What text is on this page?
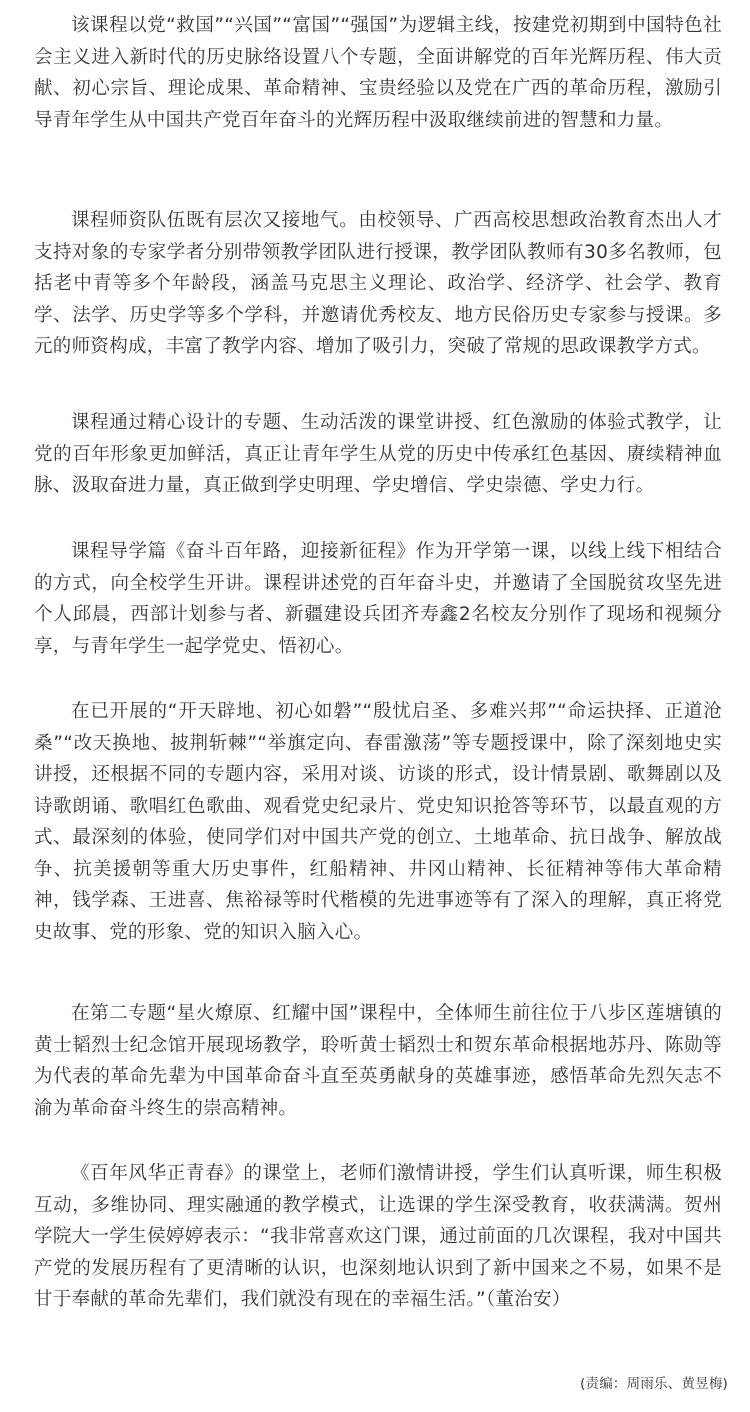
该课程以党“救国”“兴国”“富国”“强国”为逻辑主线，按建党初期到中国特色社会主义进入新时代的历史脉络设置八个专题，全面讲解党的百年光辉历程、伟大贡献、初心宗旨、理论成果、革命精神、宝贵经验以及党在广西的革命历程，激励引导青年学生从中国共产党百年奋斗的光辉历程中汲取继续前进的智慧和力量。

课程师资队伍既有层次又接地气。由校领导、广西高校思想政治教育杰出人才支持对象的专家学者分别带领教学团队进行授课，教学团队教师有30多名教师，包括老中青等多个年龄段，涵盖马克思主义理论、政治学、经济学、社会学、教育学、法学、历史学等多个学科，并邀请优秀校友、地方民俗历史专家参与授课。多元的师资构成，丰富了教学内容、增加了吸引力，突破了常规的思政课教学方式。

课程通过精心设计的专题、生动活泼的课堂讲授、红色激励的体验式教学，让党的百年形象更加鲜活，真正让青年学生从党的历史中传承红色基因、赓续精神血脉、汲取奋进力量，真正做到学史明理、学史增信、学史崇德、学史力行。

课程导学篇《奋斗百年路，迎接新征程》作为开学第一课，以线上线下相结合的方式，向全校学生开讲。课程讲述党的百年奋斗史，并邀请了全国脱贫攻坚先进个人邱晨，西部计划参与者、新疆建设兵团齐寿鑫2名校友分别作了现场和视频分享，与青年学生一起学党史、悟初心。

在已开展的“开天辟地、初心如磐”“殷忧启圣、多难兴邦”“命运抉择、正道沧桑”“改天换地、披荆斩棘”“举旗定向、春雷激荡”等专题授课中，除了深刻地史实讲授，还根据不同的专题内容，采用对谈、访谈的形式，设计情景剧、歌舞剧以及诗歌朗诵、歌唱红色歌曲、观看党史纪录片、党史知识抢答等环节，以最直观的方式、最深刻的体验，使同学们对中国共产党的创立、土地革命、抗日战争、解放战争、抗美援朝等重大历史事件，红船精神、井冈山精神、长征精神等伟大革命精神，钱学森、王进喜、焦裕禄等时代楷模的先进事迹等有了深入的理解，真正将党史故事、党的形象、党的知识入脑入心。

在第二专题“星火燎原、红耀中国”课程中，全体师生前往位于八步区莲塘镇的黄士韬烈士纪念馆开展现场教学，聆听黄士韬烈士和贺东革命根据地苏丹、陈勋等为代表的革命先辈为中国革命奋斗直至英勇献身的英雄事迹，感悟革命先烈矢志不渝为革命奋斗终生的崇高精神。

《百年风华正青春》的课堂上，老师们激情讲授，学生们认真听课，师生积极互动，多维协同、理实融通的教学模式，让选课的学生深受教育，收获满满。贺州学院大一学生侯婷婷表示：“我非常喜欢这门课，通过前面的几次课程，我对中国共产党的发展历程有了更清晰的认识，也深刻地认识到了新中国来之不易，如果不是甘于奉献的革命先辈们，我们就没有现在的幸福生活。”（董治安）

(责编：周雨乐、黄昱梅)
